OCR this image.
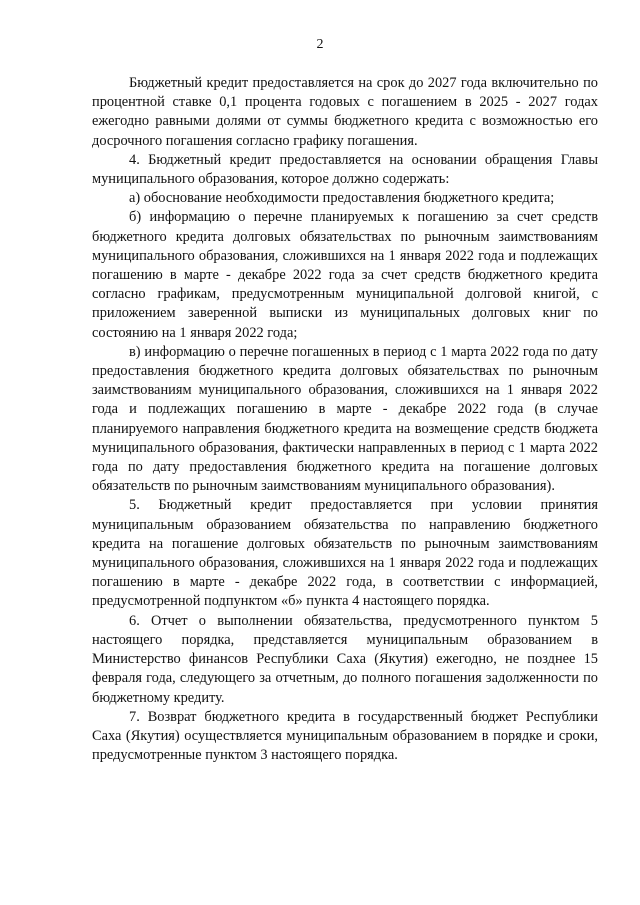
2

Бюджетный кредит предоставляется на срок до 2027 года включительно по процентной ставке 0,1 процента годовых с погашением в 2025 - 2027 годах ежегодно равными долями от суммы бюджетного кредита с возможностью его досрочного погашения согласно графику погашения.

4. Бюджетный кредит предоставляется на основании обращения Главы муниципального образования, которое должно содержать:

а) обоснование необходимости предоставления бюджетного кредита;

б) информацию о перечне планируемых к погашению за счет средств бюджетного кредита долговых обязательствах по рыночным заимствованиям муниципального образования, сложившихся на 1 января 2022 года и подлежащих погашению в марте - декабре 2022 года за счет средств бюджетного кредита согласно графикам, предусмотренным муниципальной долговой книгой, с приложением заверенной выписки из муниципальных долговых книг по состоянию на 1 января 2022 года;

в) информацию о перечне погашенных в период с 1 марта 2022 года по дату предоставления бюджетного кредита долговых обязательствах по рыночным заимствованиям муниципального образования, сложившихся на 1 января 2022 года и подлежащих погашению в марте - декабре 2022 года (в случае планируемого направления бюджетного кредита на возмещение средств бюджета муниципального образования, фактически направленных в период с 1 марта 2022 года по дату предоставления бюджетного кредита на погашение долговых обязательств по рыночным заимствованиям муниципального образования).

5. Бюджетный кредит предоставляется при условии принятия муниципальным образованием обязательства по направлению бюджетного кредита на погашение долговых обязательств по рыночным заимствованиям муниципального образования, сложившихся на 1 января 2022 года и подлежащих погашению в марте - декабре 2022 года, в соответствии с информацией, предусмотренной подпунктом «б» пункта 4 настоящего порядка.

6. Отчет о выполнении обязательства, предусмотренного пунктом 5 настоящего порядка, представляется муниципальным образованием в Министерство финансов Республики Саха (Якутия) ежегодно, не позднее 15 февраля года, следующего за отчетным, до полного погашения задолженности по бюджетному кредиту.

7. Возврат бюджетного кредита в государственный бюджет Республики Саха (Якутия) осуществляется муниципальным образованием в порядке и сроки, предусмотренные пунктом 3 настоящего порядка.
